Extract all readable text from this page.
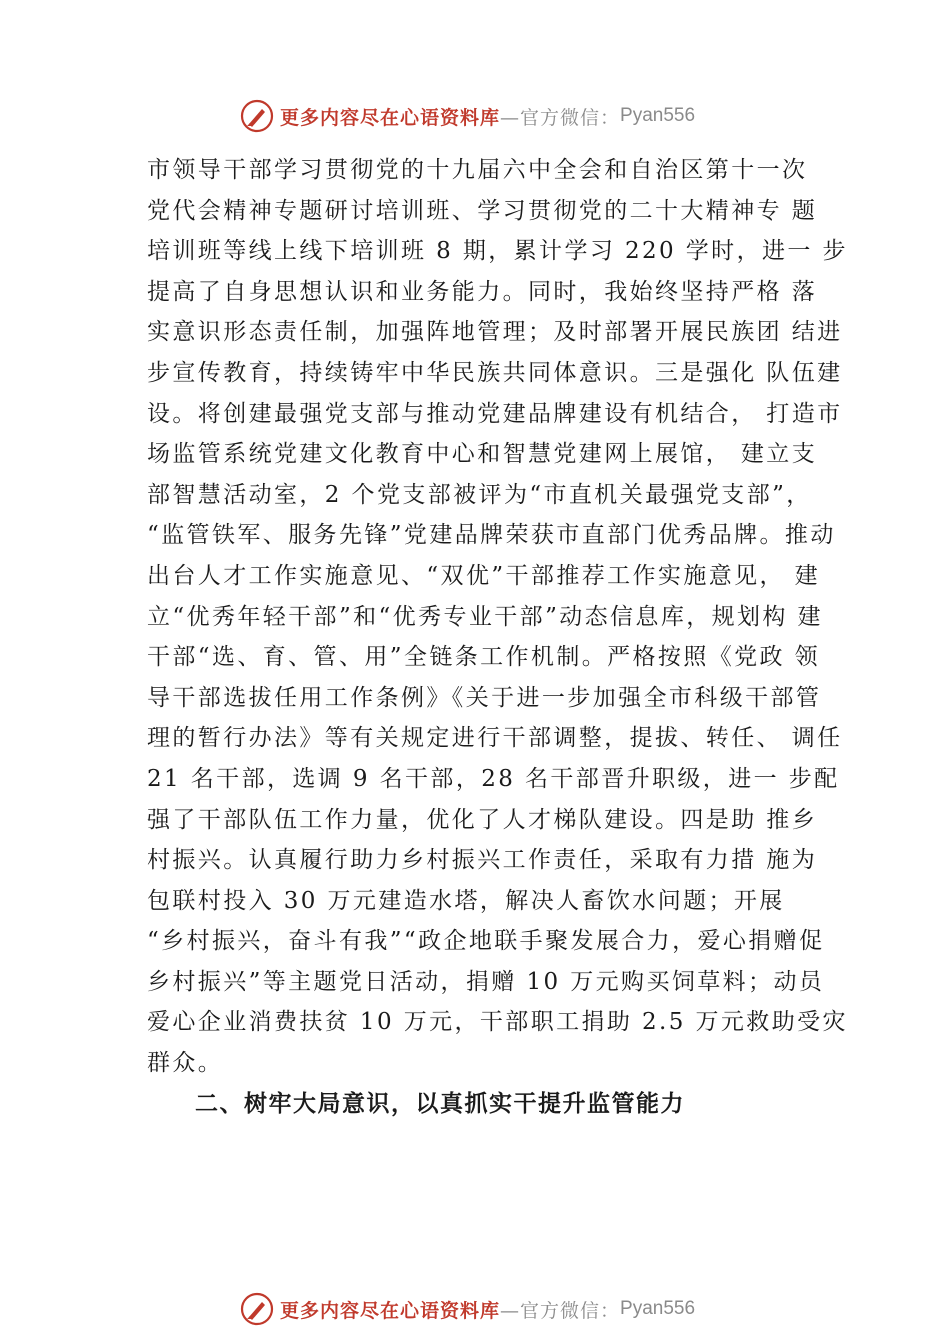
更多内容尽在心语资料库 —官方微信： Pyan556
市领导干部学习贯彻党的十九届六中全会和自治区第十一次
党代会精神专题研讨培训班、学习贯彻党的二十大精神专 题
培训班等线上线下培训班 8 期，累计学习 220 学时，进一 步
提高了自身思想认识和业务能力。同时，我始终坚持严格 落
实意识形态责任制，加强阵地管理；及时部署开展民族团 结进
步宣传教育，持续铸牢中华民族共同体意识。三是强化 队伍建
设。将创建最强党支部与推动党建品牌建设有机结合， 打造市
场监管系统党建文化教育中心和智慧党建网上展馆， 建立支
部智慧活动室，2 个党支部被评为“市直机关最强党支部”，
“监管铁军、服务先锋”党建品牌荣获市直部门优秀品牌。推动
出台人才工作实施意见、“双优”干部推荐工作实施意见， 建
立“优秀年轻干部”和“优秀专业干部”动态信息库，规划构 建
干部“选、育、管、用”全链条工作机制。严格按照《党政 领
导干部选拔任用工作条例》《关于进一步加强全市科级干部管
理的暂行办法》等有关规定进行干部调整，提拔、转任、 调任
21 名干部，选调 9 名干部，28 名干部晋升职级，进一 步配
强了干部队伍工作力量，优化了人才梯队建设。四是助 推乡
村振兴。认真履行助力乡村振兴工作责任，采取有力措 施为
包联村投入 30 万元建造水塔，解决人畜饮水问题；开展
“乡村振兴，奋斗有我”“政企地联手聚发展合力，爱心捐赠促
乡村振兴”等主题党日活动，捐赠 10 万元购买饲草料；动员
爱心企业消费扶贫 10 万元，干部职工捐助 2.5 万元救助受灾
群众。
二、树牢大局意识，以真抓实干提升监管能力
更多内容尽在心语资料库 —官方微信： Pyan556
